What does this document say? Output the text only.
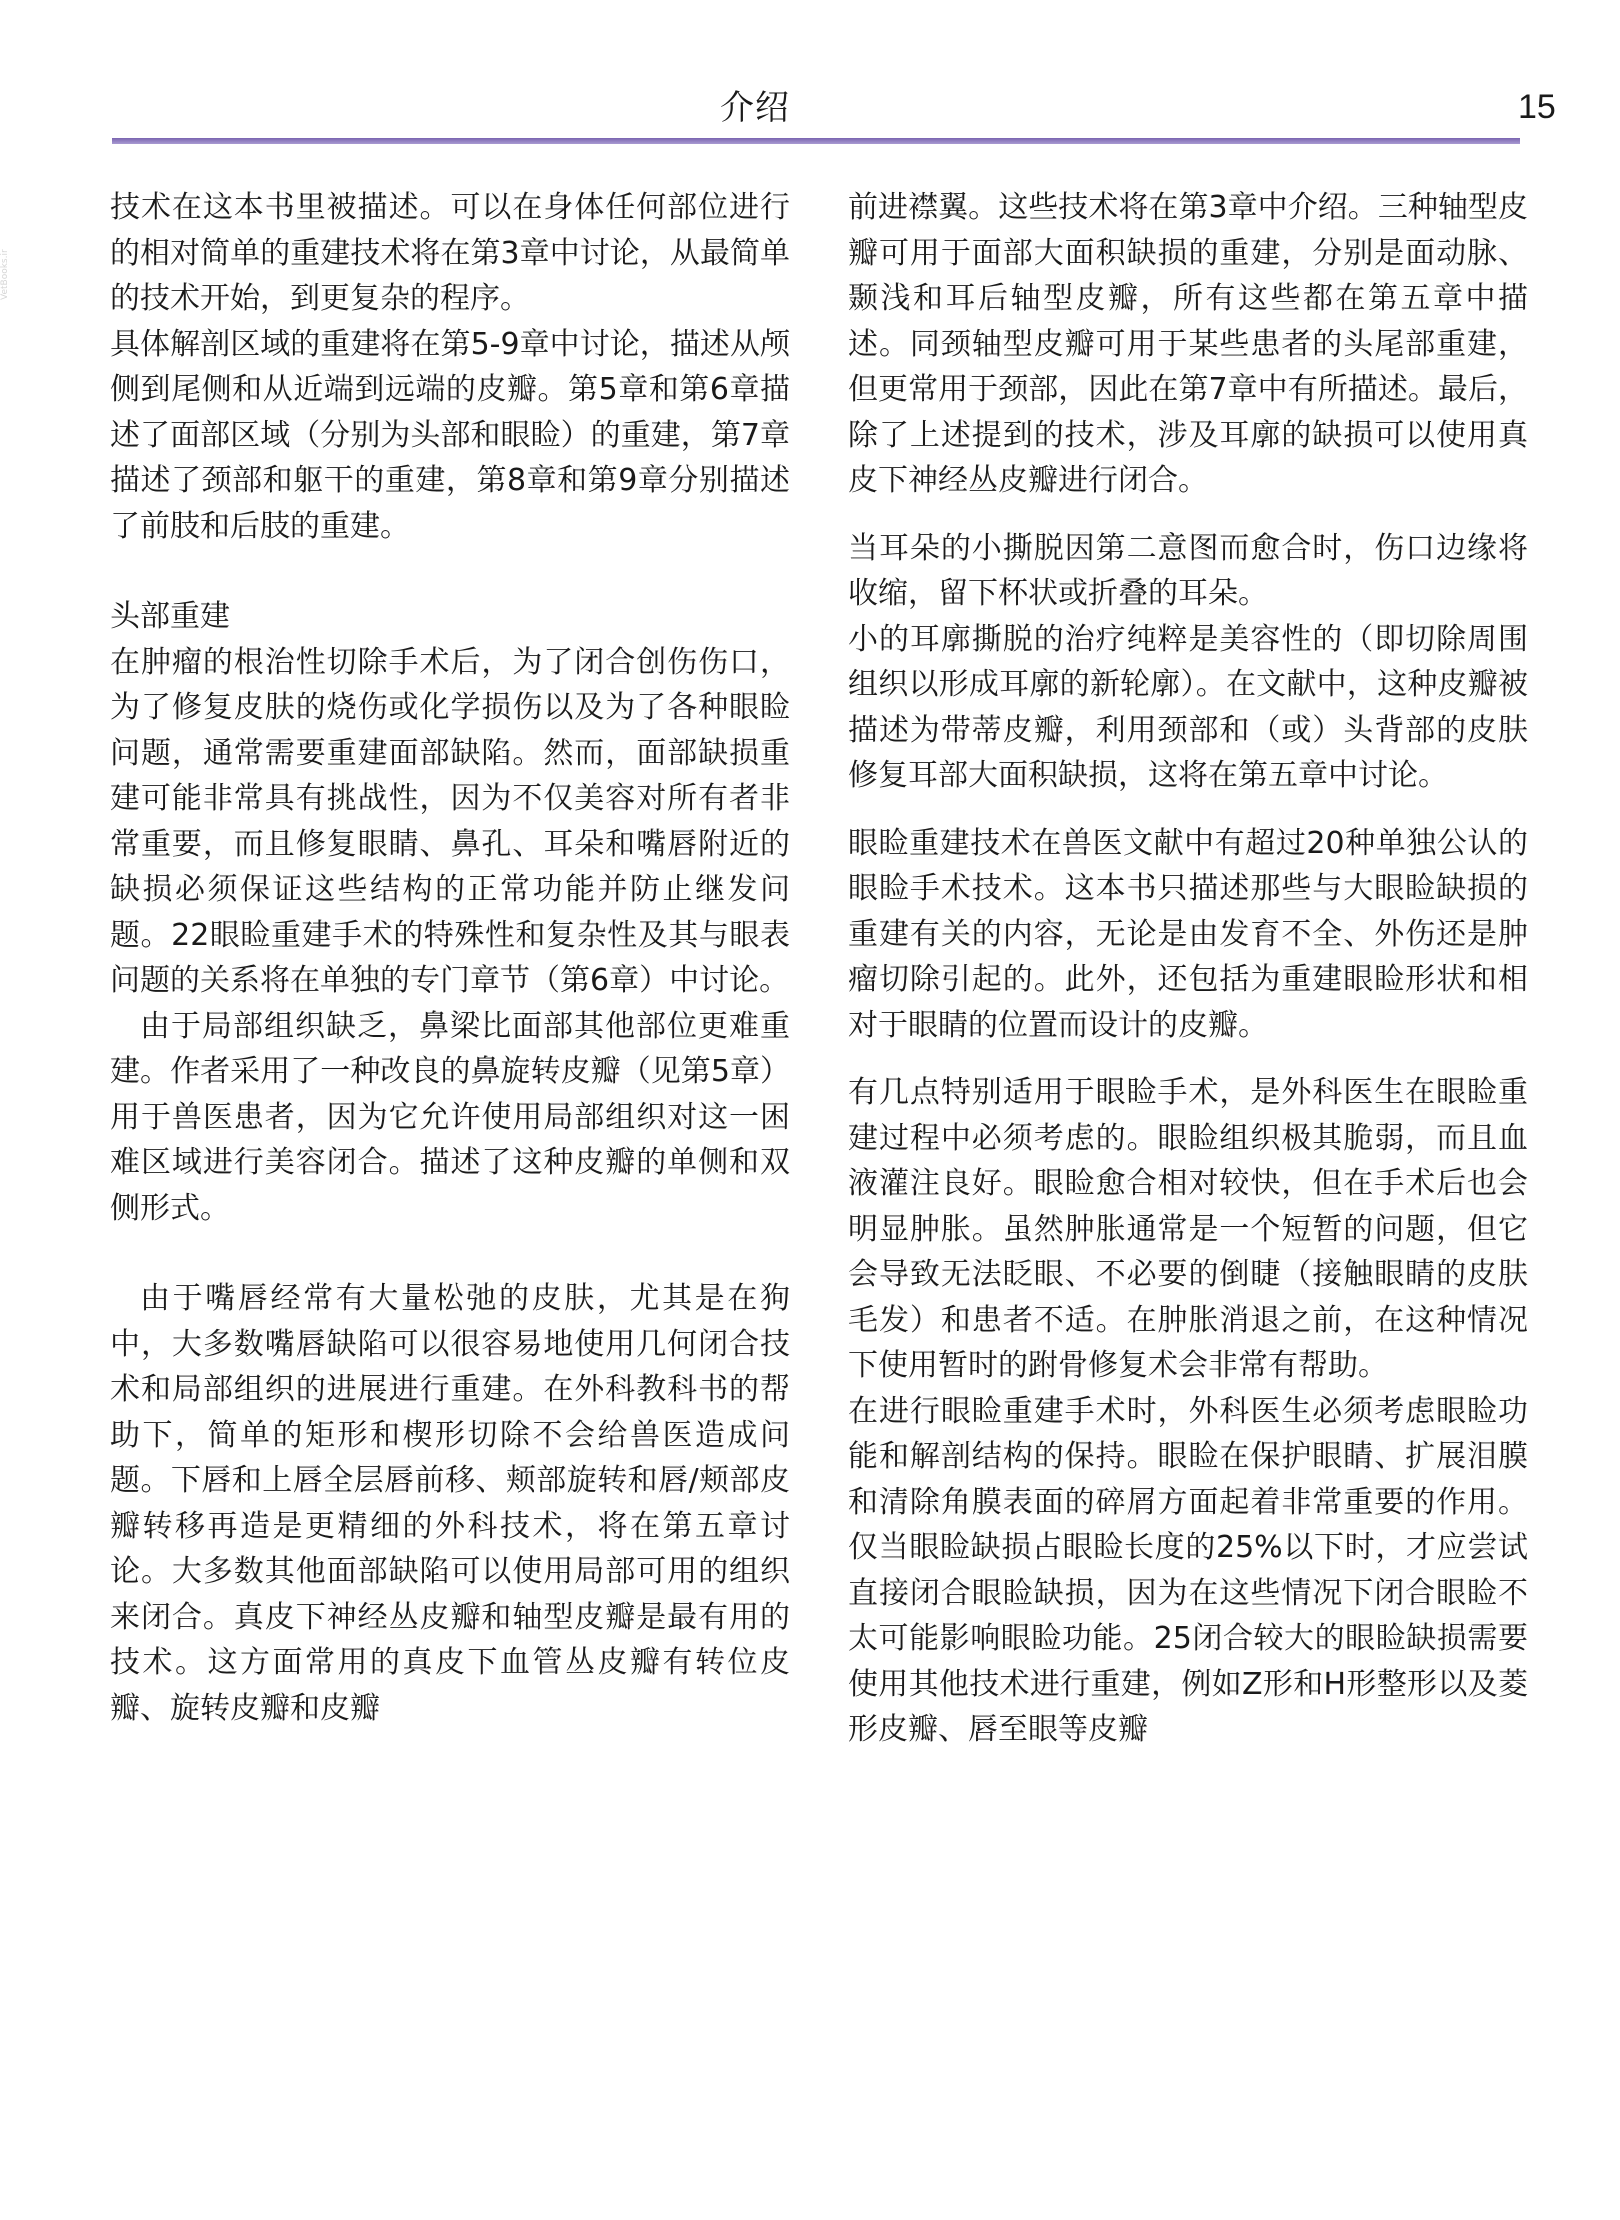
介绍	15
VetBooks.ir

技术在这本书里被描述。可以在身体任何部位进行的相对简单的重建技术将在第3章中讨论，从最简单的技术开始，到更复杂的程序。

具体解剖区域的重建将在第5-9章中讨论，描述从颅侧到尾侧和从近端到远端的皮瓣。第5章和第6章描述了面部区域（分别为头部和眼睑）的重建，第7章描述了颈部和躯干的重建，第8章和第9章分别描述了前肢和后肢的重建。

头部重建

在肿瘤的根治性切除手术后，为了闭合创伤伤口，为了修复皮肤的烧伤或化学损伤以及为了各种眼睑问题，通常需要重建面部缺陷。然而，面部缺损重建可能非常具有挑战性，因为不仅美容对所有者非常重要，而且修复眼睛、鼻孔、耳朵和嘴唇附近的缺损必须保证这些结构的正常功能并防止继发问题。22眼睑重建手术的特殊性和复杂性及其与眼表问题的关系将在单独的专门章节（第6章）中讨论。

由于局部组织缺乏，鼻梁比面部其他部位更难重建。作者采用了一种改良的鼻旋转皮瓣（见第5章）用于兽医患者，因为它允许使用局部组织对这一困难区域进行美容闭合。描述了这种皮瓣的单侧和双侧形式。

由于嘴唇经常有大量松弛的皮肤，尤其是在狗中，大多数嘴唇缺陷可以很容易地使用几何闭合技术和局部组织的进展进行重建。在外科教科书的帮助下，简单的矩形和楔形切除不会给兽医造成问题。下唇和上唇全层唇前移、颊部旋转和唇/颊部皮瓣转移再造是更精细的外科技术，将在第五章讨论。大多数其他面部缺陷可以使用局部可用的组织来闭合。真皮下神经丛皮瓣和轴型皮瓣是最有用的技术。这方面常用的真皮下血管丛皮瓣有转位皮瓣、旋转皮瓣和皮瓣

前进襟翼。这些技术将在第3章中介绍。三种轴型皮瓣可用于面部大面积缺损的重建，分别是面动脉、颞浅和耳后轴型皮瓣，所有这些都在第五章中描述。同颈轴型皮瓣可用于某些患者的头尾部重建，但更常用于颈部，因此在第7章中有所描述。最后，除了上述提到的技术，涉及耳廓的缺损可以使用真皮下神经丛皮瓣进行闭合。

当耳朵的小撕脱因第二意图而愈合时，伤口边缘将收缩，留下杯状或折叠的耳朵。

小的耳廓撕脱的治疗纯粹是美容性的（即切除周围组织以形成耳廓的新轮廓）。在文献中，这种皮瓣被描述为带蒂皮瓣，利用颈部和（或）头背部的皮肤修复耳部大面积缺损，这将在第五章中讨论。

眼睑重建技术在兽医文献中有超过20种单独公认的眼睑手术技术。这本书只描述那些与大眼睑缺损的重建有关的内容，无论是由发育不全、外伤还是肿瘤切除引起的。此外，还包括为重建眼睑形状和相对于眼睛的位置而设计的皮瓣。

有几点特别适用于眼睑手术，是外科医生在眼睑重建过程中必须考虑的。眼睑组织极其脆弱，而且血液灌注良好。眼睑愈合相对较快，但在手术后也会明显肿胀。虽然肿胀通常是一个短暂的问题，但它会导致无法眨眼、不必要的倒睫（接触眼睛的皮肤毛发）和患者不适。在肿胀消退之前，在这种情况下使用暂时的跗骨修复术会非常有帮助。

在进行眼睑重建手术时，外科医生必须考虑眼睑功能和解剖结构的保持。眼睑在保护眼睛、扩展泪膜和清除角膜表面的碎屑方面起着非常重要的作用。仅当眼睑缺损占眼睑长度的25%以下时，才应尝试直接闭合眼睑缺损，因为在这些情况下闭合眼睑不太可能影响眼睑功能。25闭合较大的眼睑缺损需要使用其他技术进行重建，例如Z形和H形整形以及菱形皮瓣、唇至眼等皮瓣
